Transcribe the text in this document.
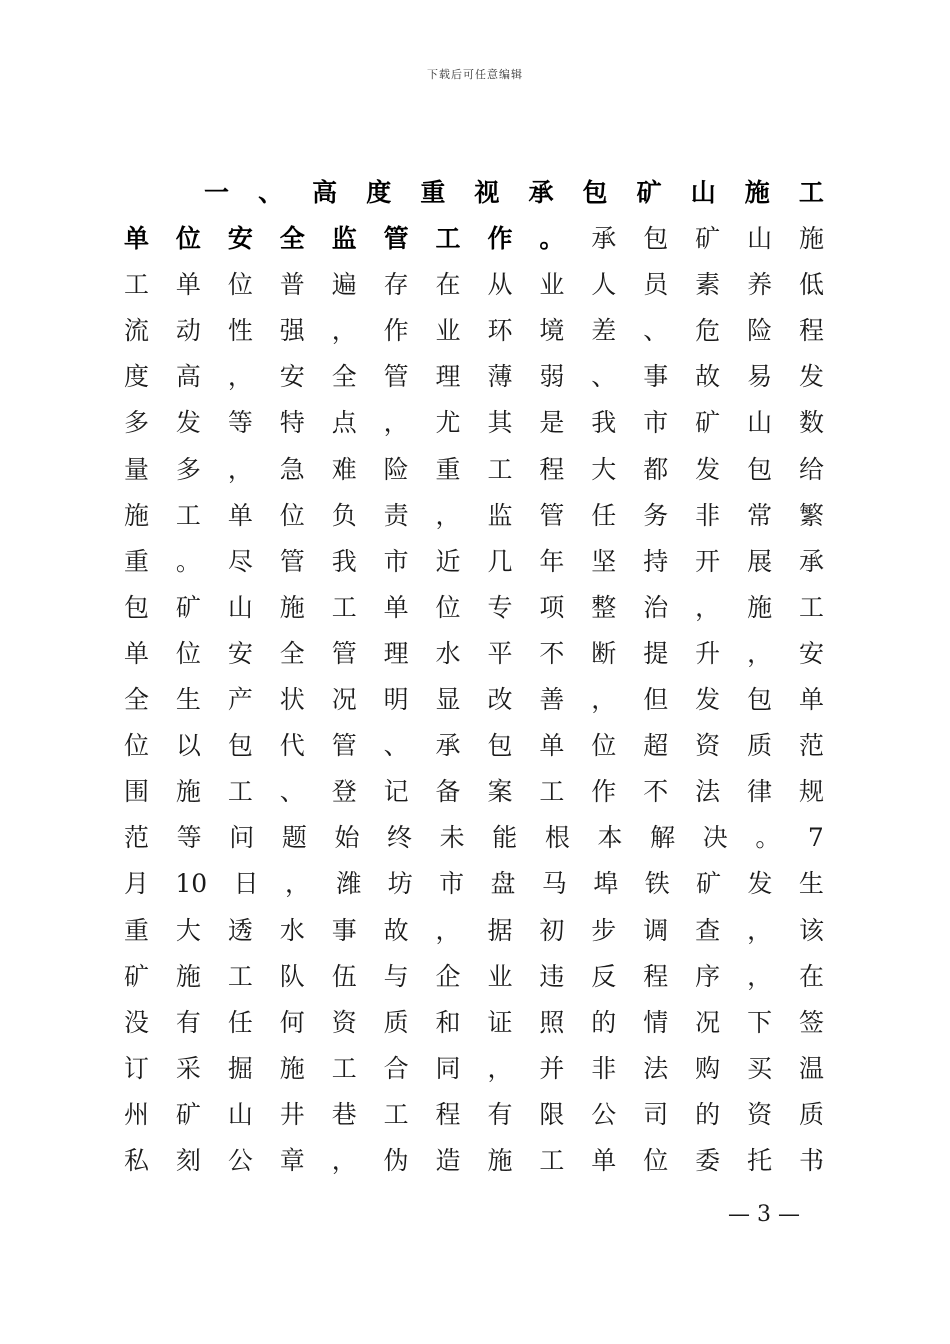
下载后可任意编辑
一 、 高 度 重 视 承 包 矿 山 施 工
单 位 安 全 监 管 工 作 。 承 包 矿 山 施
工 单 位 普 遍 存 在 从 业 人 员 素 养 低
流 动 性 强 ， 作 业 环 境 差 、 危 险 程
度 高 ， 安 全 管 理 薄 弱 、 事 故 易 发
多 发 等 特 点 ， 尤 其 是 我 市 矿 山 数
量 多 ， 急 难 险 重 工 程 大 都 发 包 给
施 工 单 位 负 责 ， 监 管 任 务 非 常 繁
重 。 尽 管 我 市 近 几 年 坚 持 开 展 承
包 矿 山 施 工 单 位 专 项 整 治 ， 施 工
单 位 安 全 管 理 水 平 不 断 提 升 ， 安
全 生 产 状 况 明 显 改 善 ， 但 发 包 单
位 以 包 代 管 、 承 包 单 位 超 资 质 范
围 施 工 、 登 记 备 案 工 作 不 法 律 规
范 等 问 题 始 终 未 能 根 本 解 决 。 7
月 10 日 ， 潍 坊 市 盘 马 埠 铁 矿 发 生
重 大 透 水 事 故 ， 据 初 步 调 查 ， 该
矿 施 工 队 伍 与 企 业 违 反 程 序 ， 在
没 有 任 何 资 质 和 证 照 的 情 况 下 签
订 采 掘 施 工 合 同 ， 并 非 法 购 买 温
州 矿 山 井 巷 工 程 有 限 公 司 的 资 质
私 刻 公 章 ， 伪 造 施 工 单 位 委 托 书
— 3 —
